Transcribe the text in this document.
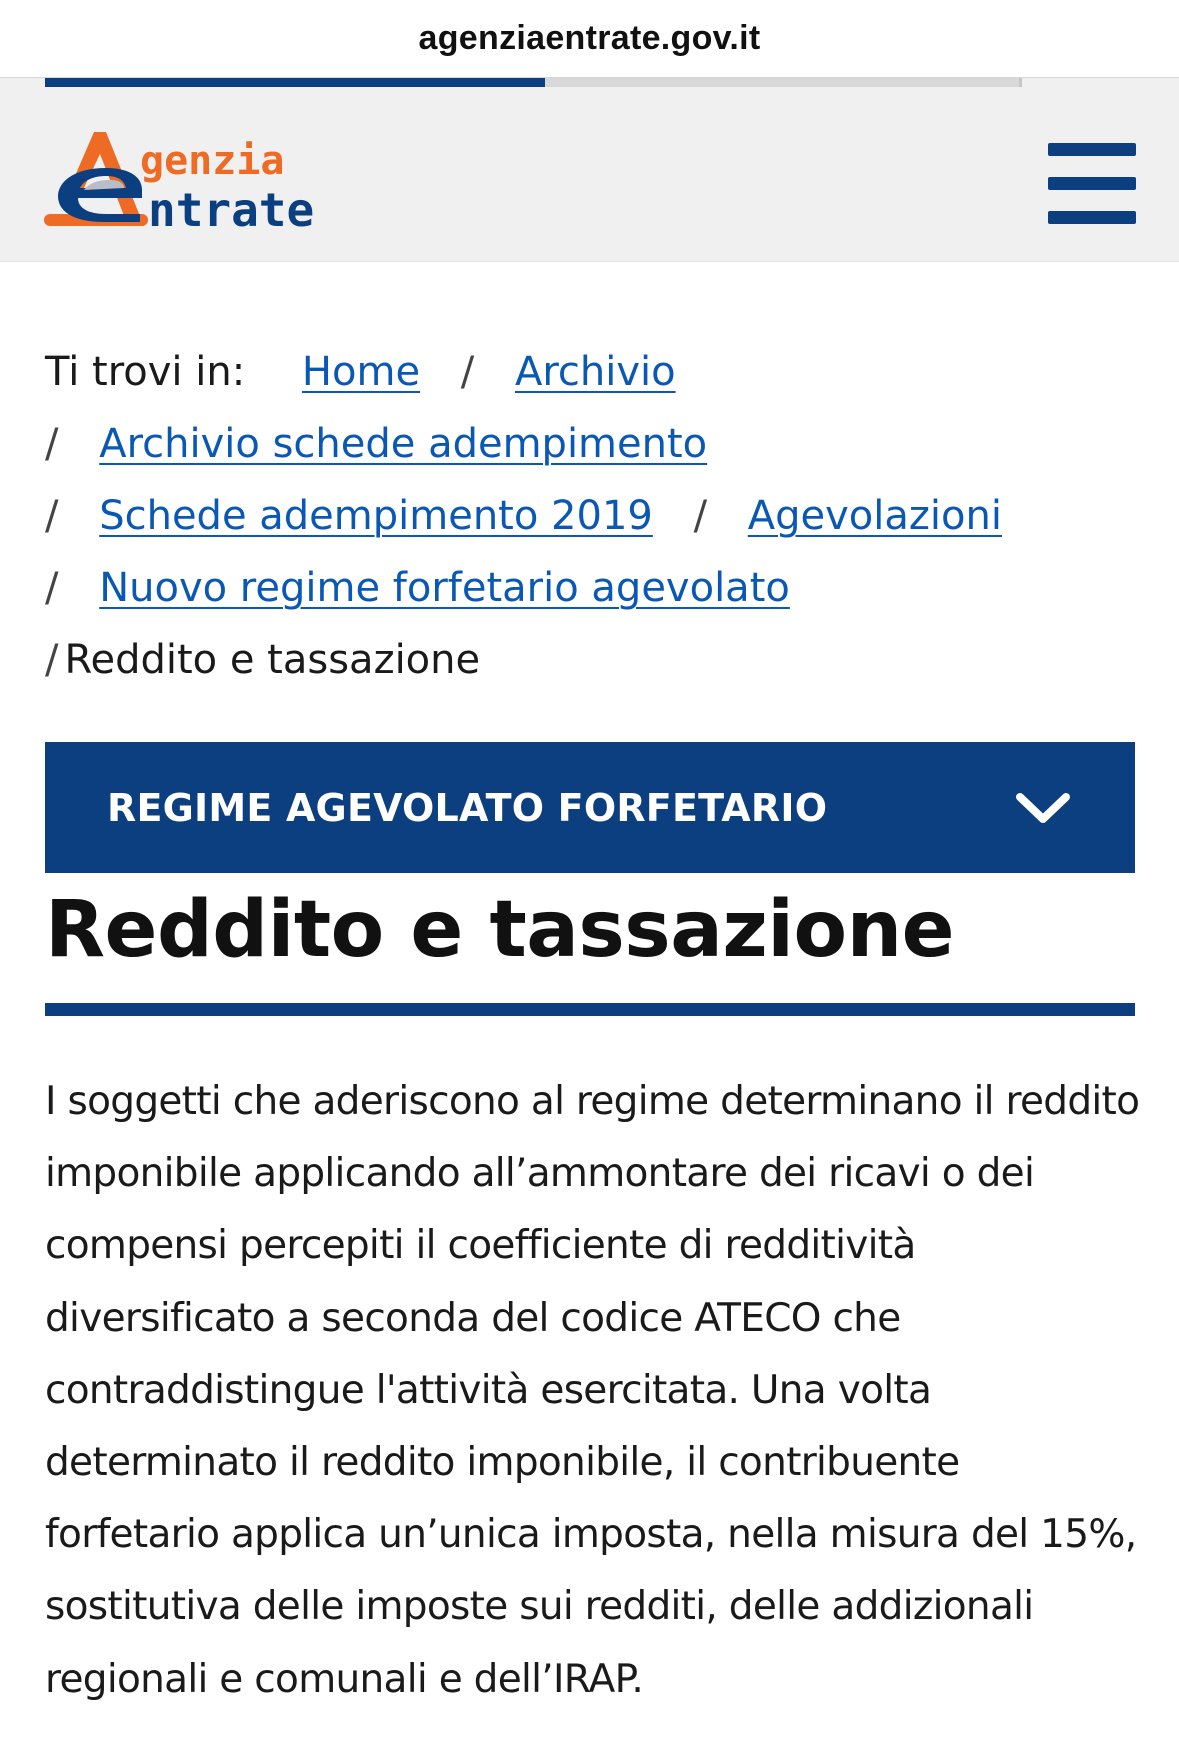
agenziaentrate.gov.it
genzia
ntrate
Ti trovi in: Home / Archivio
/ Archivio schede adempimento
/ Schede adempimento 2019 / Agevolazioni
/ Nuovo regime forfetario agevolato
/ Reddito e tassazione
REGIME AGEVOLATO FORFETARIO
Reddito e tassazione

I soggetti che aderiscono al regime determinano il reddito imponibile applicando all’ammontare dei ricavi o dei compensi percepiti il coefficiente di redditività diversificato a seconda del codice ATECO che contraddistingue l'attività esercitata. Una volta determinato il reddito imponibile, il contribuente forfetario applica un’unica imposta, nella misura del 15%, sostitutiva delle imposte sui redditi, delle addizionali regionali e comunali e dell’IRAP.
